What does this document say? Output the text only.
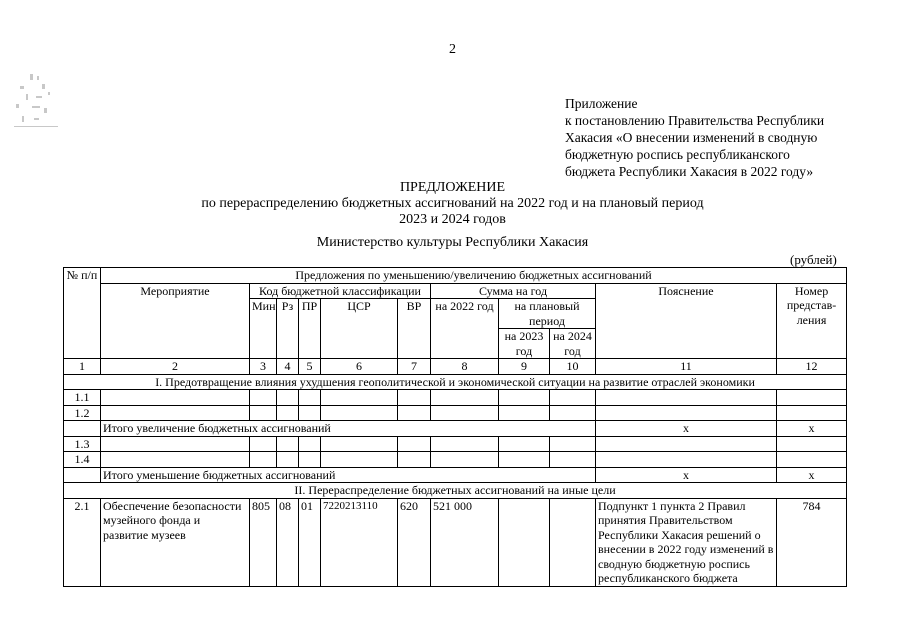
2
Приложение
к постановлению Правительства Республики
Хакасия «О внесении изменений в сводную
бюджетную роспись республиканского
бюджета Республики Хакасия в 2022 году»
ПРЕДЛОЖЕНИЕ
по перераспределению бюджетных ассигнований на 2022 год и на плановый период
2023 и 2024 годов
Министерство культуры Республики Хакасия
(рублей)
№ п/п	Предложения по уменьшению/увеличению бюджетных ассигнований										
	Мероприятие	Код бюджетной классификации					Сумма на год			Пояснение	Номер представ-ления
		Мин	Рз	ПР	ЦСР	ВР	на 2022 год	на плановый период			
								на 2023 год	на 2024 год		

1	2	3	4	5	6	7	8	9	10	11	12
I. Предотвращение влияния ухудшения геополитической и экономической ситуации на развитие отраслей экономики											
1.1											
1.2											
	Итого увеличение бюджетных ассигнований									х	х
1.3											
1.4											
	Итого уменьшение бюджетных ассигнований									х	х
II. Перераспределение бюджетных ассигнований на иные цели											
2.1	Обеспечение безопасности музейного фонда и развитие музеев	805	08	01	7220213110	620	521 000			Подпункт 1 пункта 2 Правил принятия Правительством Республики Хакасия решений о внесении в 2022 году изменений в сводную бюджетную роспись республиканского бюджета	784
